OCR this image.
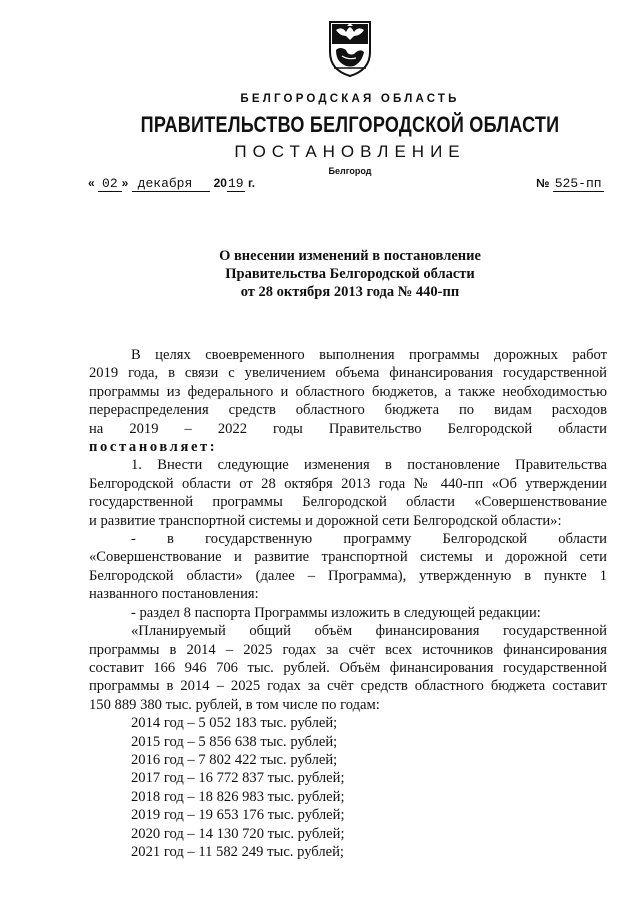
БЕЛГОРОДСКАЯ ОБЛАСТЬ
ПРАВИТЕЛЬСТВО БЕЛГОРОДСКОЙ ОБЛАСТИ
ПОСТАНОВЛЕНИЕ
Белгород
« 02 » декабря 2019 г.	№ 525-пп
О внесении изменений в постановление
Правительства Белгородской области
от 28 октября 2013 года № 440-пп

В целях своевременного выполнения программы дорожных работ

2019 года, в связи с увеличением объема финансирования государственной

программы из федерального и областного бюджетов, а также необходимостью

перераспределения средств областного бюджета по видам расходов

на 2019 – 2022 годы Правительство Белгородской области

постановляет:

1. Внести следующие изменения в постановление Правительства

Белгородской области от 28 октября 2013 года № 440-пп «Об утверждении

государственной программы Белгородской области «Совершенствование

и развитие транспортной системы и дорожной сети Белгородской области»:

- в государственную программу Белгородской области

«Совершенствование и развитие транспортной системы и дорожной сети

Белгородской области» (далее – Программа), утвержденную в пункте 1

названного постановления:

- раздел 8 паспорта Программы изложить в следующей редакции:

«Планируемый общий объём финансирования государственной

программы в 2014 – 2025 годах за счёт всех источников финансирования

составит 166 946 706 тыс. рублей. Объём финансирования государственной

программы в 2014 – 2025 годах за счёт средств областного бюджета составит

150 889 380 тыс. рублей, в том числе по годам:

2014 год – 5 052 183 тыс. рублей;

2015 год – 5 856 638 тыс. рублей;

2016 год – 7 802 422 тыс. рублей;

2017 год – 16 772 837 тыс. рублей;

2018 год – 18 826 983 тыс. рублей;

2019 год – 19 653 176 тыс. рублей;

2020 год – 14 130 720 тыс. рублей;

2021 год – 11 582 249 тыс. рублей;
